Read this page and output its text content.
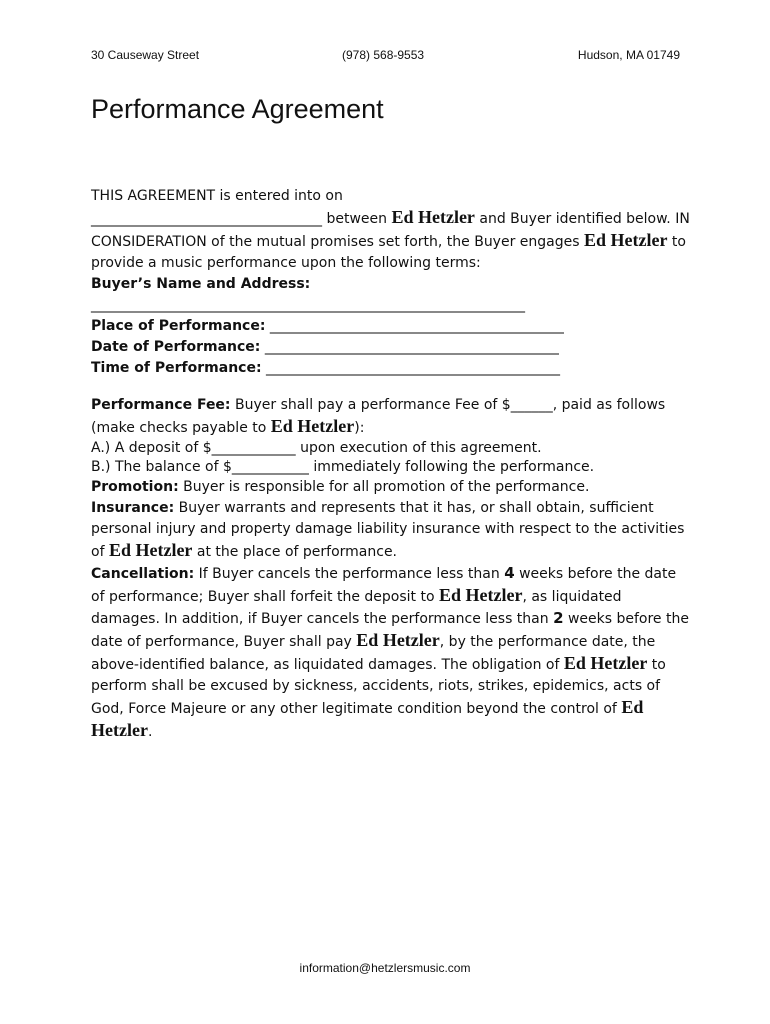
30 Causeway Street	(978) 568-9553	Hudson, MA 01749
Performance Agreement

THIS AGREEMENT is entered into on

_________________________________ between Ed Hetzler and Buyer identified below. IN CONSIDERATION of the mutual promises set forth, the Buyer engages Ed Hetzler to provide a music performance upon the following terms:

Buyer’s Name and Address:

______________________________________________________________

Place of Performance: __________________________________________

Date of Performance: __________________________________________

Time of Performance: __________________________________________

Performance Fee: Buyer shall pay a performance Fee of $______, paid as follows (make checks payable to Ed Hetzler):

A.) A deposit of $____________ upon execution of this agreement.

B.) The balance of $___________ immediately following the performance.

Promotion: Buyer is responsible for all promotion of the performance.

Insurance: Buyer warrants and represents that it has, or shall obtain, sufficient personal injury and property damage liability insurance with respect to the activities of Ed Hetzler at the place of performance.

Cancellation: If Buyer cancels the performance less than 4 weeks before the date of performance; Buyer shall forfeit the deposit to Ed Hetzler, as liquidated damages. In addition, if Buyer cancels the performance less than 2 weeks before the date of performance, Buyer shall pay Ed Hetzler, by the performance date, the above-identified balance, as liquidated damages. The obligation of Ed Hetzler to perform shall be excused by sickness, accidents, riots, strikes, epidemics, acts of God, Force Majeure or any other legitimate condition beyond the control of Ed Hetzler.

information@hetzlersmusic.com
